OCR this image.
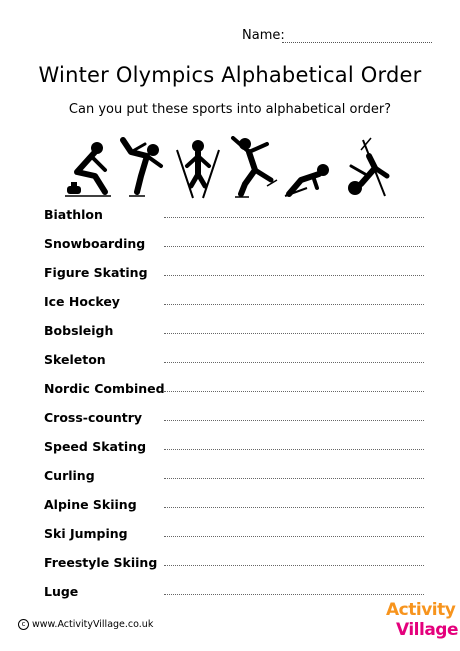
Name:
Winter Olympics Alphabetical Order
Can you put these sports into alphabetical order?
Biathlon
Snowboarding
Figure Skating
Ice Hockey
Bobsleigh
Skeleton
Nordic Combined
Cross-country
Speed Skating
Curling
Alpine Skiing
Ski Jumping
Freestyle Skiing
Luge
c www.ActivityVillage.co.uk
Activity
Village
